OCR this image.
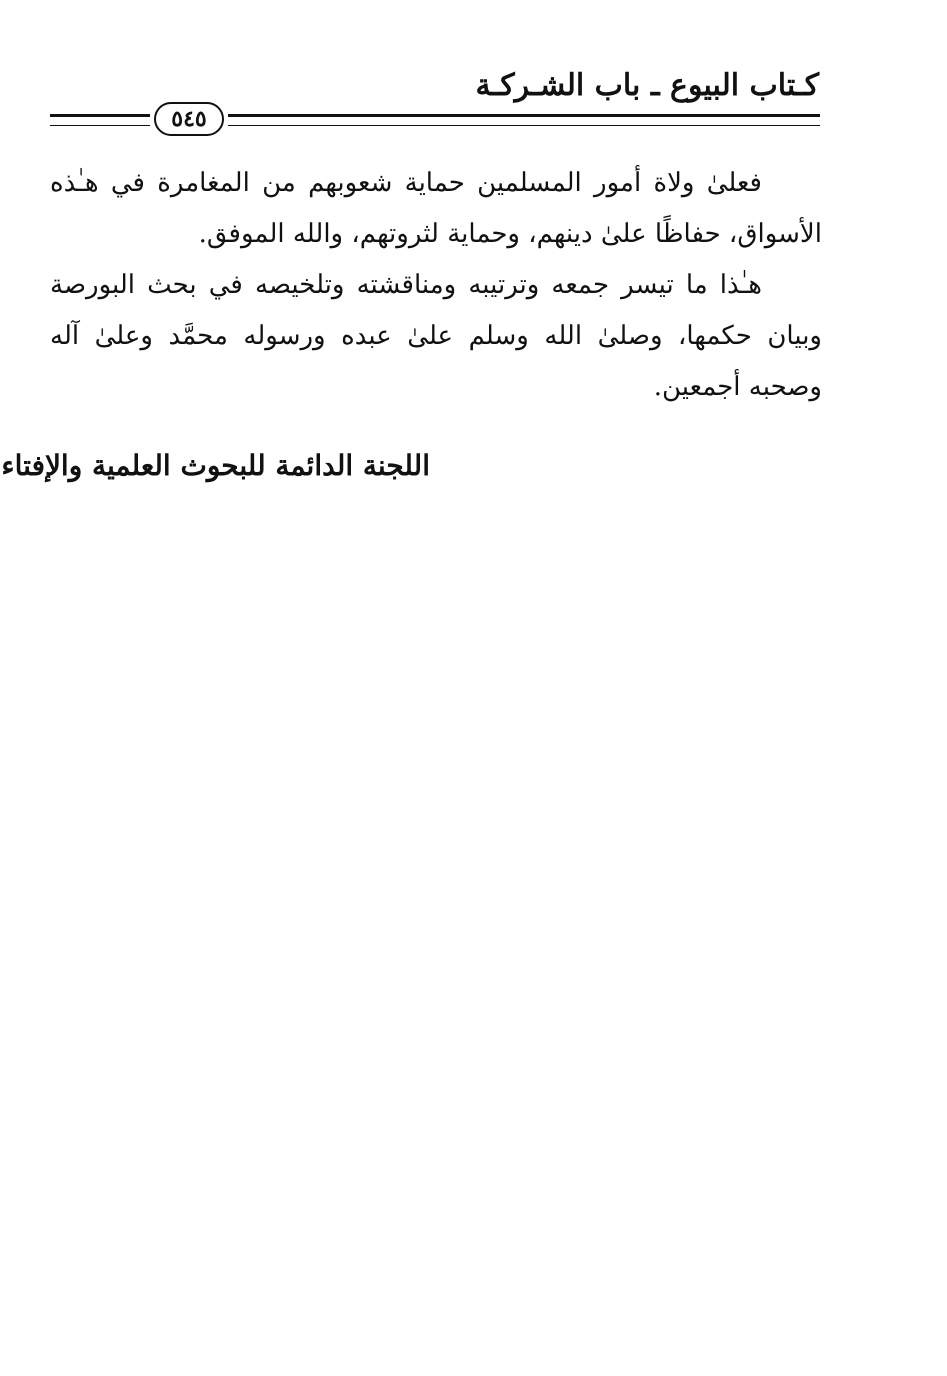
كـتاب البيوع ـ باب الشـركـة
٥٤٥

فعلىٰ ولاة أمور المسلمين حماية شعوبهم من المغامرة في هـٰذه الأسواق، حفاظًا علىٰ دينهم، وحماية لثروتهم، والله الموفق.

هـٰذا ما تيسر جمعه وترتيبه ومناقشته وتلخيصه في بحث البورصة وبيان حكمها، وصلىٰ الله وسلم علىٰ عبده ورسوله محمَّد وعلىٰ آله وصحبه أجمعين.

اللجنة الدائمة للبحوث العلمية والإفتاء
